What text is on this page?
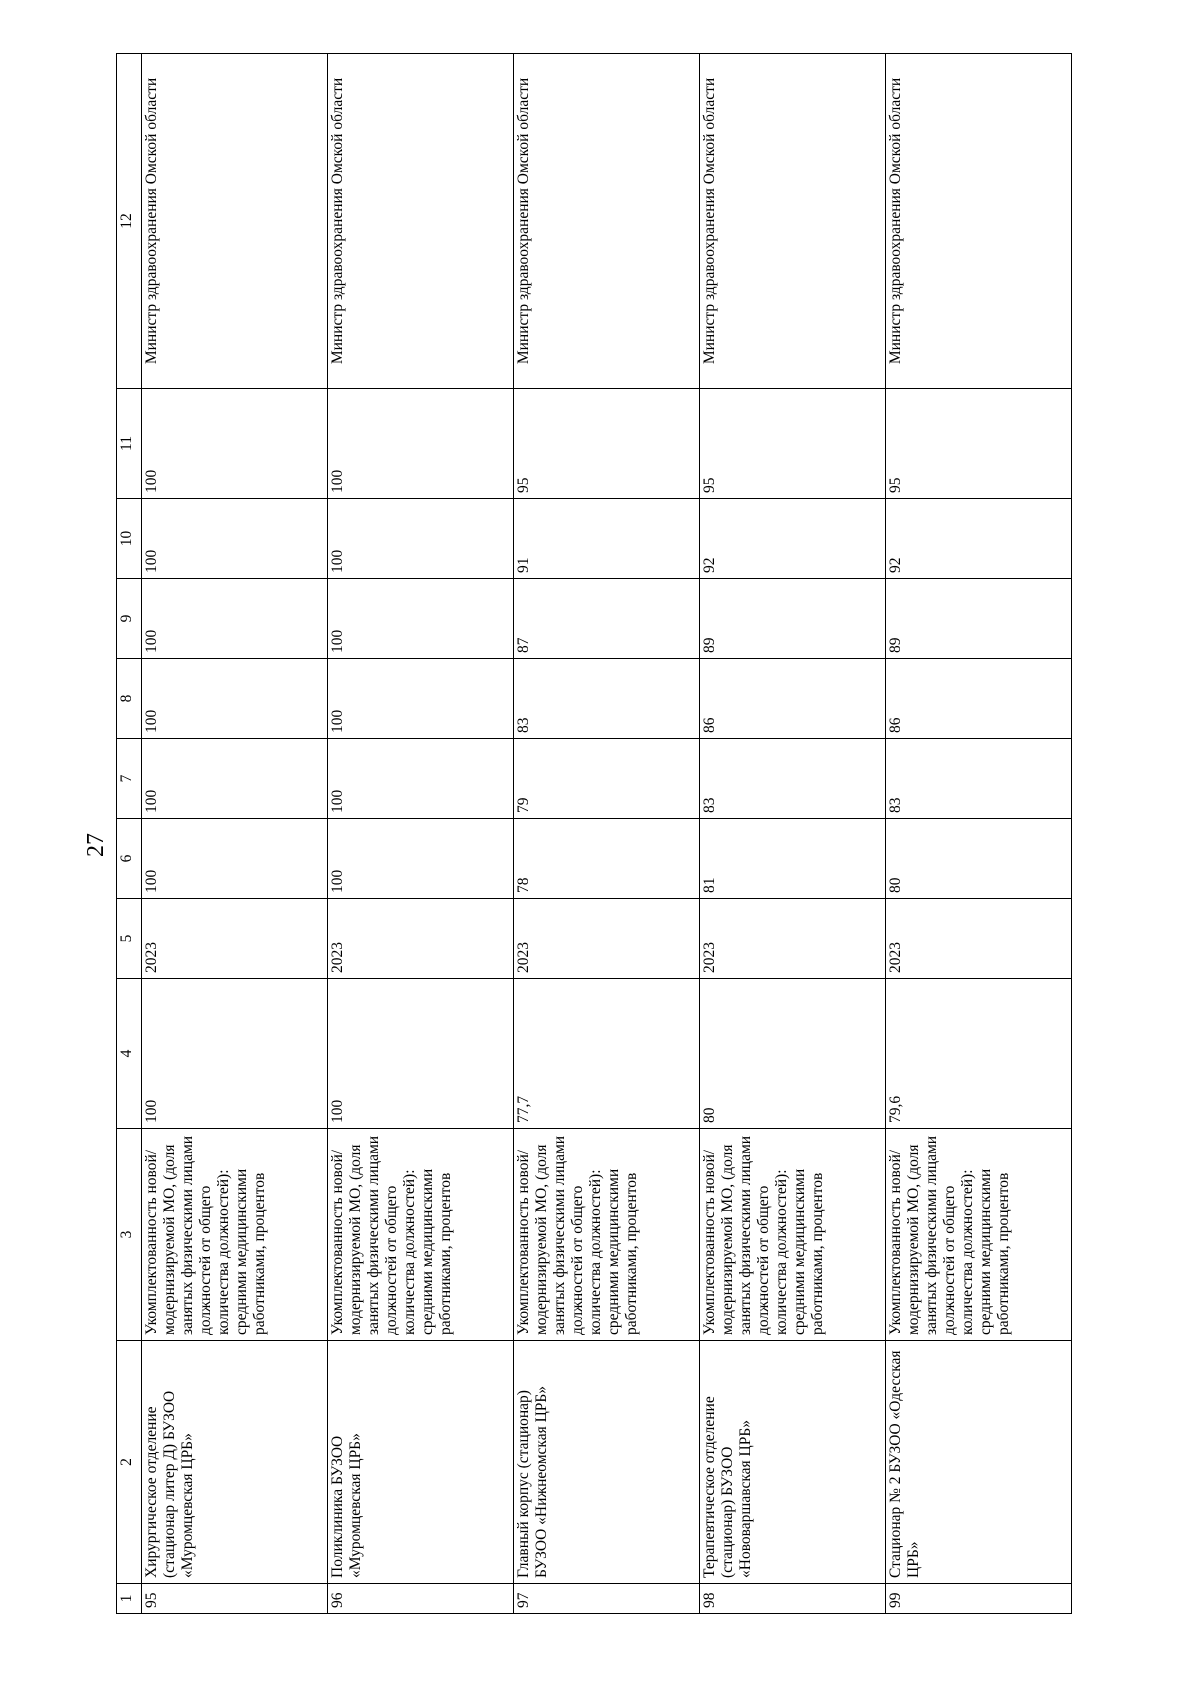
27
1	2	3	4	5	6	7	8	9	10	11	12
95	Хирургическое отделение (стационар литер Д) БУЗОО «Муромцевская ЦРБ»	Укомплектованность новой/модернизируемой МО, (доля занятых физическими лицами должностей от общего количества должностей): средними медицинскими работниками, процентов	100	2023	100	100	100	100	100	100	Министр здравоохранения Омской области
96	Поликлиника БУЗОО «Муромцевская ЦРБ»	Укомплектованность новой/модернизируемой МО, (доля занятых физическими лицами должностей от общего количества должностей): средними медицинскими работниками, процентов	100	2023	100	100	100	100	100	100	Министр здравоохранения Омской области
97	Главный корпус (стационар) БУЗОО «Нижнеомская ЦРБ»	Укомплектованность новой/модернизируемой МО, (доля занятых физическими лицами должностей от общего количества должностей): средними медицинскими работниками, процентов	77,7	2023	78	79	83	87	91	95	Министр здравоохранения Омской области
98	Терапевтическое отделение (стационар) БУЗОО «Нововаршавская ЦРБ»	Укомплектованность новой/модернизируемой МО, (доля занятых физическими лицами должностей от общего количества должностей): средними медицинскими работниками, процентов	80	2023	81	83	86	89	92	95	Министр здравоохранения Омской области
99	Стационар № 2 БУЗОО «Одесская ЦРБ»	Укомплектованность новой/модернизируемой МО, (доля занятых физическими лицами должностей от общего количества должностей): средними медицинскими работниками, процентов	79,6	2023	80	83	86	89	92	95	Министр здравоохранения Омской области
